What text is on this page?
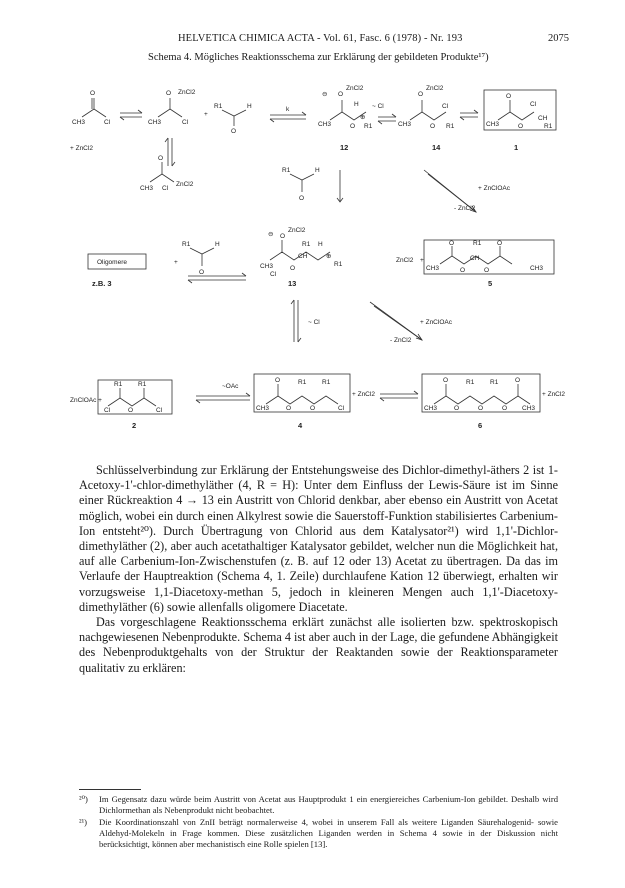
HELVETICA CHIMICA ACTA - Vol. 61, Fasc. 6 (1978) - Nr. 193	2075
Schema 4. Mögliches Reaktionsschema zur Erklärung der gebildeten Produkte¹⁷)
O
CH3	Cl
O ZnCl2
CH3	Cl
+
R1	H
O
k
⊖ O
ZnCl2
H
⊕
CH3	O R1
12
~ Cl
O
ZnCl2
Cl
CH3	O R1
14
O
Cl
CH3	O
CH
R1
1
+ ZnCl2
O
CH3 Cl
ZnCl2
R1	H
O
+ ZnClOAc
- ZnCl2
Oligomere
z.B. 3
R1	H
O
+
⊖ O
ZnCl2
R1 H
CH	⊕
CH3
Cl
O
R1
13
ZnCl2 +
O	R1 O
CH
CH3	O	O	CH3
5
~ Cl	+ ZnClOAc
- ZnCl2
ZnClOAc +
R1 R1
Cl	O	Cl
2
~OAc
O	R1 R1
CH3	O	O	Cl
4
+ ZnCl2
O	R1 R1	O
CH3	O	O	O CH3
6
+ ZnCl2

Schlüsselverbindung zur Erklärung der Entstehungsweise des Dichlor-dimethyl-äthers 2 ist 1-Acetoxy-1'-chlor-dimethyläther (4, R = H): Unter dem Einfluss der Lewis-Säure ist im Sinne einer Rückreaktion 4 → 13 ein Austritt von Chlorid denkbar, aber ebenso ein Austritt von Acetat möglich, wobei ein durch einen Alkylrest sowie die Sauerstoff-Funktion stabilisiertes Carbenium-Ion entsteht²⁰). Durch Übertragung von Chlorid aus dem Katalysator²¹) wird 1,1'-Dichlor-dimethyläther (2), aber auch acetathaltiger Katalysator gebildet, welcher nun die Möglichkeit hat, auf alle Carbenium-Ion-Zwischenstufen (z. B. auf 12 oder 13) Acetat zu übertragen. Da das im Verlaufe der Hauptreaktion (Schema 4, 1. Zeile) durchlaufene Kation 12 überwiegt, erhalten wir vorzugsweise 1,1-Diacetoxy-methan 5, jedoch in kleineren Mengen auch 1,1'-Diacetoxy-dimethyläther (6) sowie allenfalls oligomere Diacetate.

Das vorgeschlagene Reaktionsschema erklärt zunächst alle isolierten bzw. spektroskopisch nachgewiesenen Nebenprodukte. Schema 4 ist aber auch in der Lage, die gefundene Abhängigkeit des Nebenproduktgehalts von der Struktur der Reaktanden sowie der Reaktionsparameter qualitativ zu erklären:

²⁰)	Im Gegensatz dazu würde beim Austritt von Acetat aus Hauptprodukt 1 ein energiereiches Carbenium-Ion gebildet. Deshalb wird Dichlormethan als Nebenprodukt nicht beobachtet.
²¹)	Die Koordinationszahl von ZnII beträgt normalerweise 4, wobei in unserem Fall als weitere Liganden Säurehalogenid- sowie Aldehyd-Molekeln in Frage kommen. Diese zusätzlichen Liganden werden in Schema 4 sowie in der Diskussion nicht berücksichtigt, können aber mechanistisch eine Rolle spielen [13].
